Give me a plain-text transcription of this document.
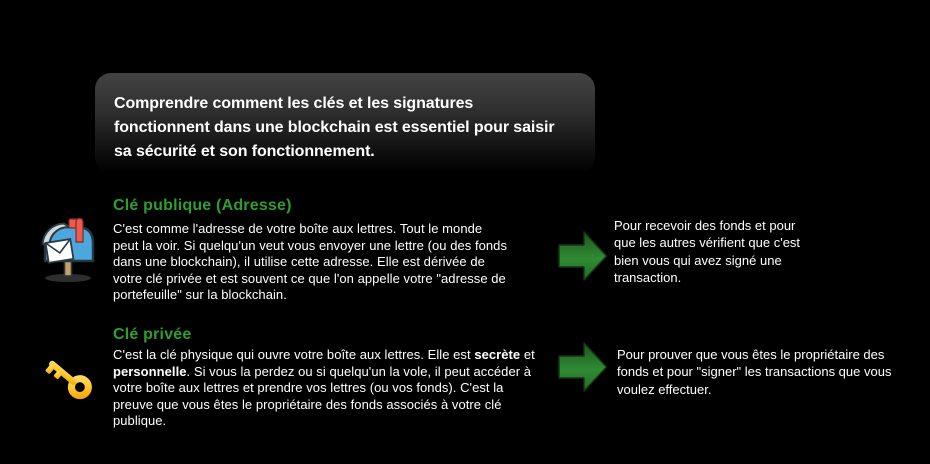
Comprendre comment les clés et les signatures
fonctionnent dans une blockchain est essentiel pour saisir
sa sécurité et son fonctionnement.
Clé publique (Adresse)
C'est comme l'adresse de votre boîte aux lettres. Tout le monde
peut la voir. Si quelqu'un veut vous envoyer une lettre (ou des fonds
dans une blockchain), il utilise cette adresse. Elle est dérivée de
votre clé privée et est souvent ce que l'on appelle votre "adresse de
portefeuille" sur la blockchain.
Pour recevoir des fonds et pour
que les autres vérifient que c'est
bien vous qui avez signé une
transaction.
Clé privée
C'est la clé physique qui ouvre votre boîte aux lettres. Elle est secrète et
personnelle. Si vous la perdez ou si quelqu'un la vole, il peut accéder à
votre boîte aux lettres et prendre vos lettres (ou vos fonds). C'est la
preuve que vous êtes le propriétaire des fonds associés à votre clé
publique.
Pour prouver que vous êtes le propriétaire des
fonds et pour "signer" les transactions que vous
voulez effectuer.
